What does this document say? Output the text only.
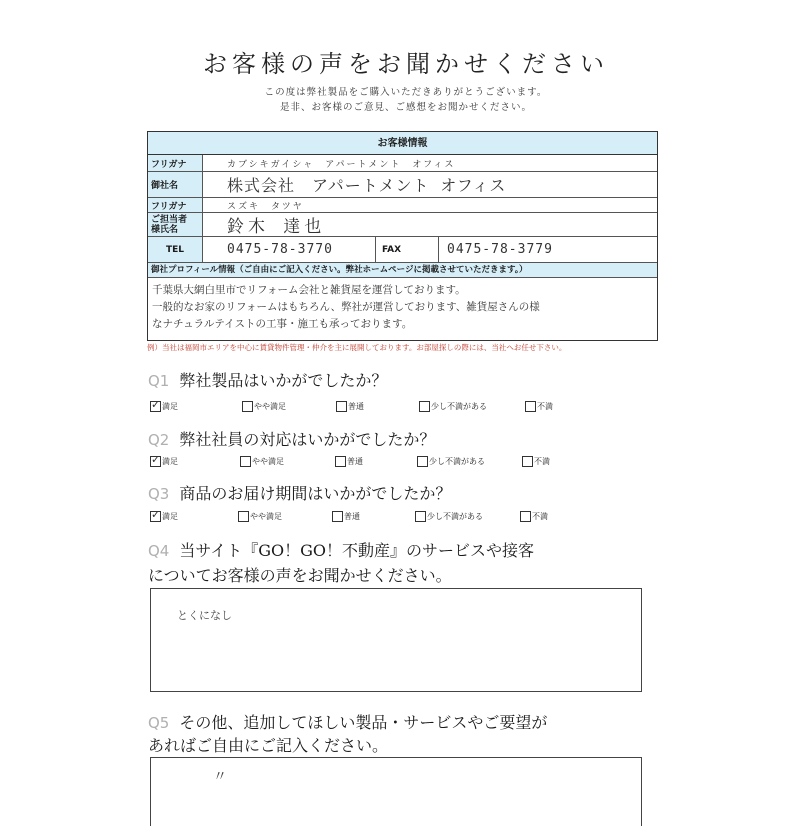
お客様の声をお聞かせください
この度は弊社製品をご購入いただきありがとうございます。
是非、お客様のご意見、ご感想をお聞かせください。
お客様情報
フリガナ	カブシキガイシャ　アパートメント　オフィス
御社名	株式会社　アパートメント オフィス
フリガナ	スズキ　タツヤ
ご担当者
様氏名	鈴木 達也
TEL	0475-78-3770	FAX	0475-78-3779
御社プロフィール情報（ご自由にご記入ください。弊社ホームページに掲載させていただきます。）
千葉県大網白里市でリフォーム会社と雑貨屋を運営しております。
一般的なお家のリフォームはもちろん、弊社が運営しております、雑貨屋さんの様
なナチュラルテイストの工事・施工も承っております。
例）当社は福岡市エリアを中心に賃貸物件管理・仲介を主に展開しております。お部屋探しの際には、当社へお任せ下さい。
Q1 弊社製品はいかがでしたか？
✓
満足	やや満足	普通	少し不満がある	不満
Q2 弊社社員の対応はいかがでしたか？
✓
満足	やや満足	普通	少し不満がある	不満
Q3 商品のお届け期間はいかがでしたか？
✓
満足	やや満足	普通	少し不満がある	不満
Q4 当サイト『GO！GO！不動産』のサービスや接客
についてお客様の声をお聞かせください。
とくになし
Q5 その他、追加してほしい製品・サービスやご要望が
あればご自由にご記入ください。
〃
